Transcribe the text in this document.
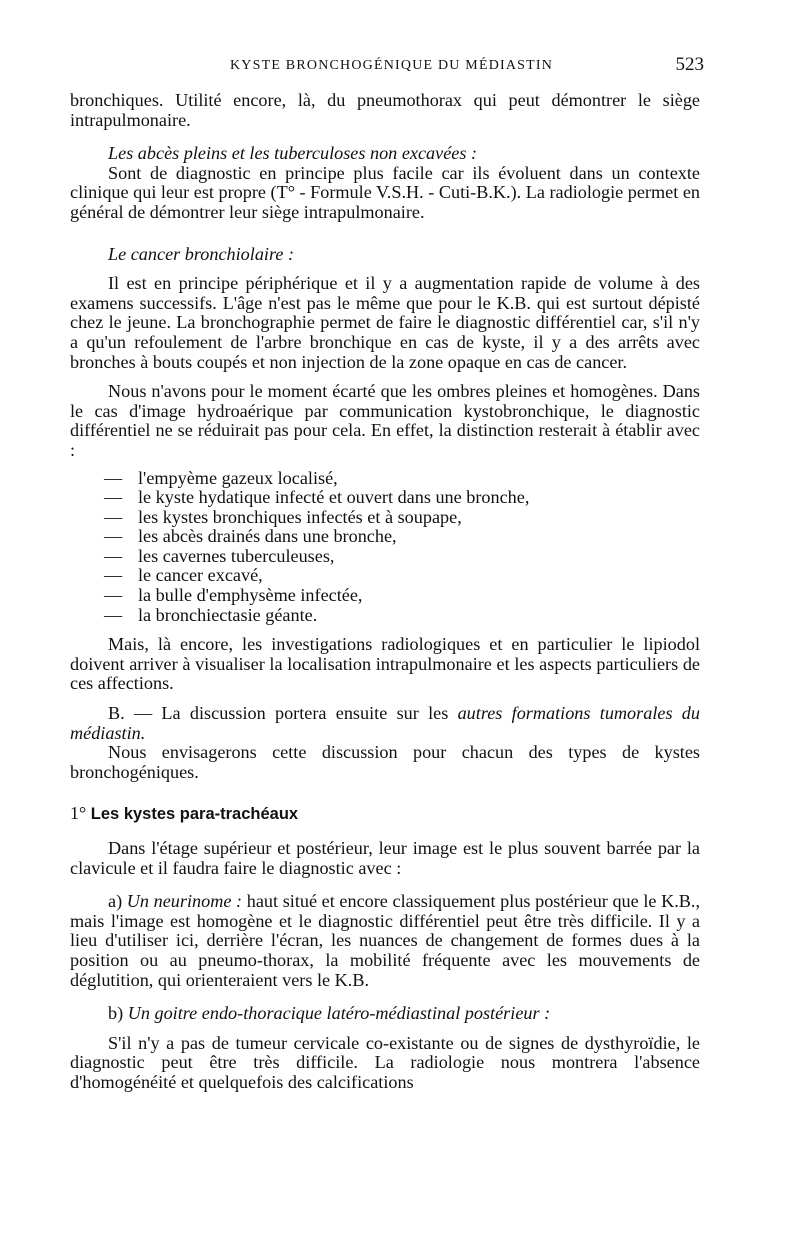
KYSTE BRONCHOGÉNIQUE DU MÉDIASTIN	523

bronchiques. Utilité encore, là, du pneumothorax qui peut démontrer le siège intrapulmonaire.

Les abcès pleins et les tuberculoses non excavées :

Sont de diagnostic en principe plus facile car ils évoluent dans un contexte clinique qui leur est propre (T° - Formule V.S.H. - Cuti-B.K.). La radiologie permet en général de démontrer leur siège intrapulmonaire.

Le cancer bronchiolaire :

Il est en principe périphérique et il y a augmentation rapide de volume à des examens successifs. L'âge n'est pas le même que pour le K.B. qui est surtout dépisté chez le jeune. La bronchographie permet de faire le diagnostic différentiel car, s'il n'y a qu'un refoulement de l'arbre bronchique en cas de kyste, il y a des arrêts avec bronches à bouts coupés et non injection de la zone opaque en cas de cancer.

Nous n'avons pour le moment écarté que les ombres pleines et homogènes. Dans le cas d'image hydroaérique par communication kystobronchique, le diagnostic différentiel ne se réduirait pas pour cela. En effet, la distinction resterait à établir avec :

— l'empyème gazeux localisé,
— le kyste hydatique infecté et ouvert dans une bronche,
— les kystes bronchiques infectés et à soupape,
— les abcès drainés dans une bronche,
— les cavernes tuberculeuses,
— le cancer excavé,
— la bulle d'emphysème infectée,
— la bronchiectasie géante.

Mais, là encore, les investigations radiologiques et en particulier le lipiodol doivent arriver à visualiser la localisation intrapulmonaire et les aspects particuliers de ces affections.

B. — La discussion portera ensuite sur les autres formations tumorales du médiastin.

Nous envisagerons cette discussion pour chacun des types de kystes bronchogéniques.

1° Les kystes para-trachéaux

Dans l'étage supérieur et postérieur, leur image est le plus souvent barrée par la clavicule et il faudra faire le diagnostic avec :

a) Un neurinome : haut situé et encore classiquement plus postérieur que le K.B., mais l'image est homogène et le diagnostic différentiel peut être très difficile. Il y a lieu d'utiliser ici, derrière l'écran, les nuances de changement de formes dues à la position ou au pneumo-thorax, la mobilité fréquente avec les mouvements de déglutition, qui orienteraient vers le K.B.

b) Un goitre endo-thoracique latéro-médiastinal postérieur :

S'il n'y a pas de tumeur cervicale co-existante ou de signes de dysthyroïdie, le diagnostic peut être très difficile. La radiologie nous montrera l'absence d'homogénéité et quelquefois des calcifications
